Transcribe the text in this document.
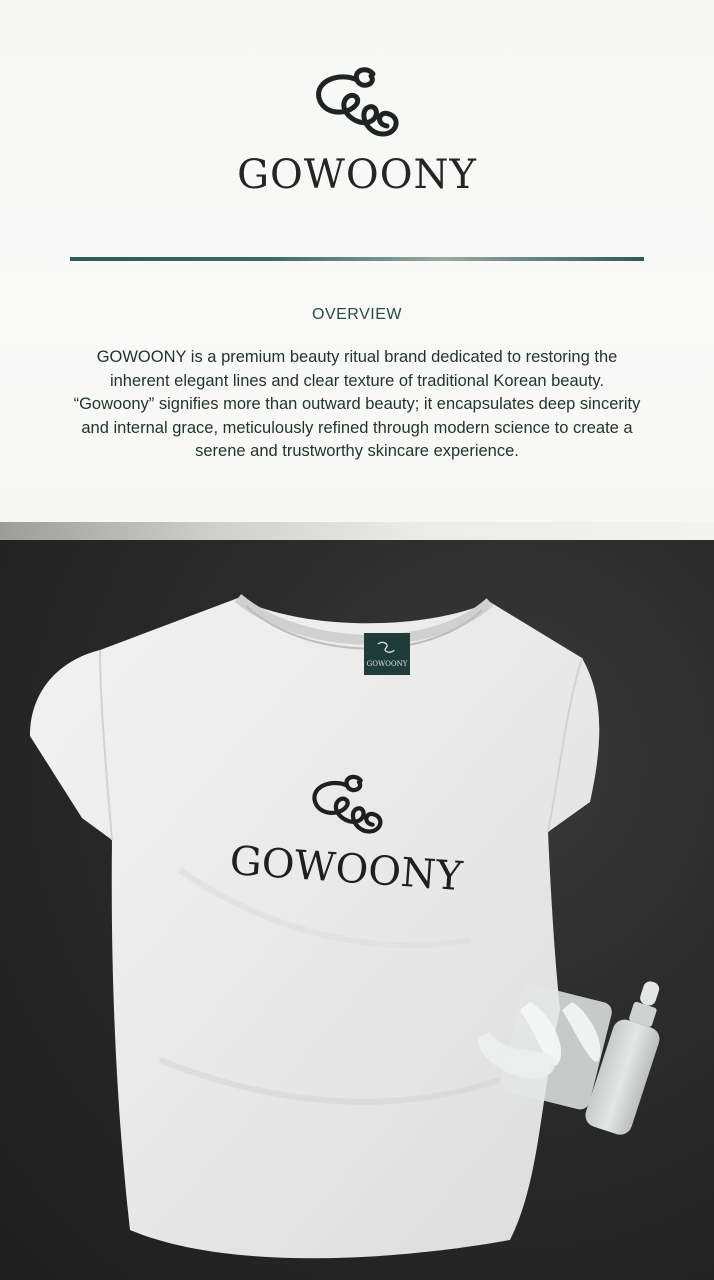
GOWOONY
OVERVIEW

GOWOONY is a premium beauty ritual brand dedicated to restoring the inherent elegant lines and clear texture of traditional Korean beauty. “Gowoony” signifies more than outward beauty; it encapsulates deep sincerity and internal grace, meticulously refined through modern science to create a serene and trustworthy skincare experience.

GOWOONY
GOWOONY
